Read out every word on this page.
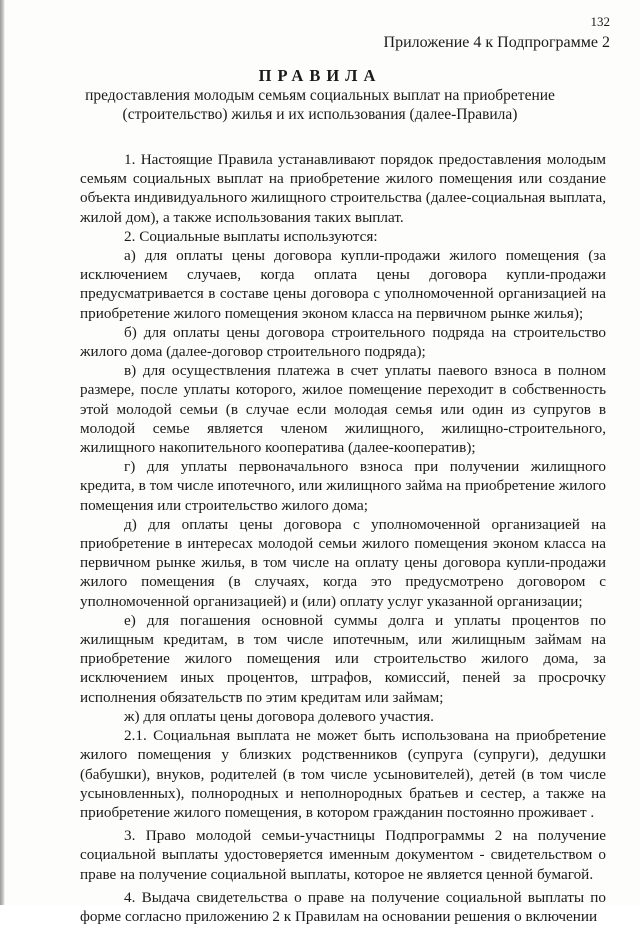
132
Приложение 4 к Подпрограмме 2
ПРАВИЛА
предоставления молодым семьям социальных выплат на приобретение (строительство) жилья и их использования (далее-Правила)

1. Настоящие Правила устанавливают порядок предоставления молодым семьям социальных выплат на приобретение жилого помещения или создание объекта индивидуального жилищного строительства (далее-социальная выплата, жилой дом), а также использования таких выплат.

2. Социальные выплаты используются:

а) для оплаты цены договора купли-продажи жилого помещения (за исключением случаев, когда оплата цены договора купли-продажи предусматривается в составе цены договора с уполномоченной организацией на приобретение жилого помещения эконом класса на первичном рынке жилья);

б) для оплаты цены договора строительного подряда на строительство жилого дома (далее-договор строительного подряда);

в) для осуществления платежа в счет уплаты паевого взноса в полном размере, после уплаты которого, жилое помещение переходит в собственность этой молодой семьи (в случае если молодая семья или один из супругов в молодой семье является членом жилищного, жилищно-строительного, жилищного накопительного кооператива (далее-кооператив);

г) для уплаты первоначального взноса при получении жилищного кредита, в том числе ипотечного, или жилищного займа на приобретение жилого помещения или строительство жилого дома;

д) для оплаты цены договора с уполномоченной организацией на приобретение в интересах молодой семьи жилого помещения эконом класса на первичном рынке жилья, в том числе на оплату цены договора купли-продажи жилого помещения (в случаях, когда это предусмотрено договором с уполномоченной организацией) и (или) оплату услуг указанной организации;

е) для погашения основной суммы долга и уплаты процентов по жилищным кредитам, в том числе ипотечным, или жилищным займам на приобретение жилого помещения или строительство жилого дома, за исключением иных процентов, штрафов, комиссий, пеней за просрочку исполнения обязательств по этим кредитам или займам;

ж) для оплаты цены договора долевого участия.

2.1. Социальная выплата не может быть использована на приобретение жилого помещения у близких родственников (супруга (супруги), дедушки (бабушки), внуков, родителей (в том числе усыновителей), детей (в том числе усыновленных), полнородных и неполнородных братьев и сестер, а также на приобретение жилого помещения, в котором гражданин постоянно проживает .

3. Право молодой семьи-участницы Подпрограммы 2 на получение социальной выплаты удостоверяется именным документом - свидетельством о праве на получение социальной выплаты, которое не является ценной бумагой.

4. Выдача свидетельства о праве на получение социальной выплаты по форме согласно приложению 2 к Правилам на основании решения о включении
